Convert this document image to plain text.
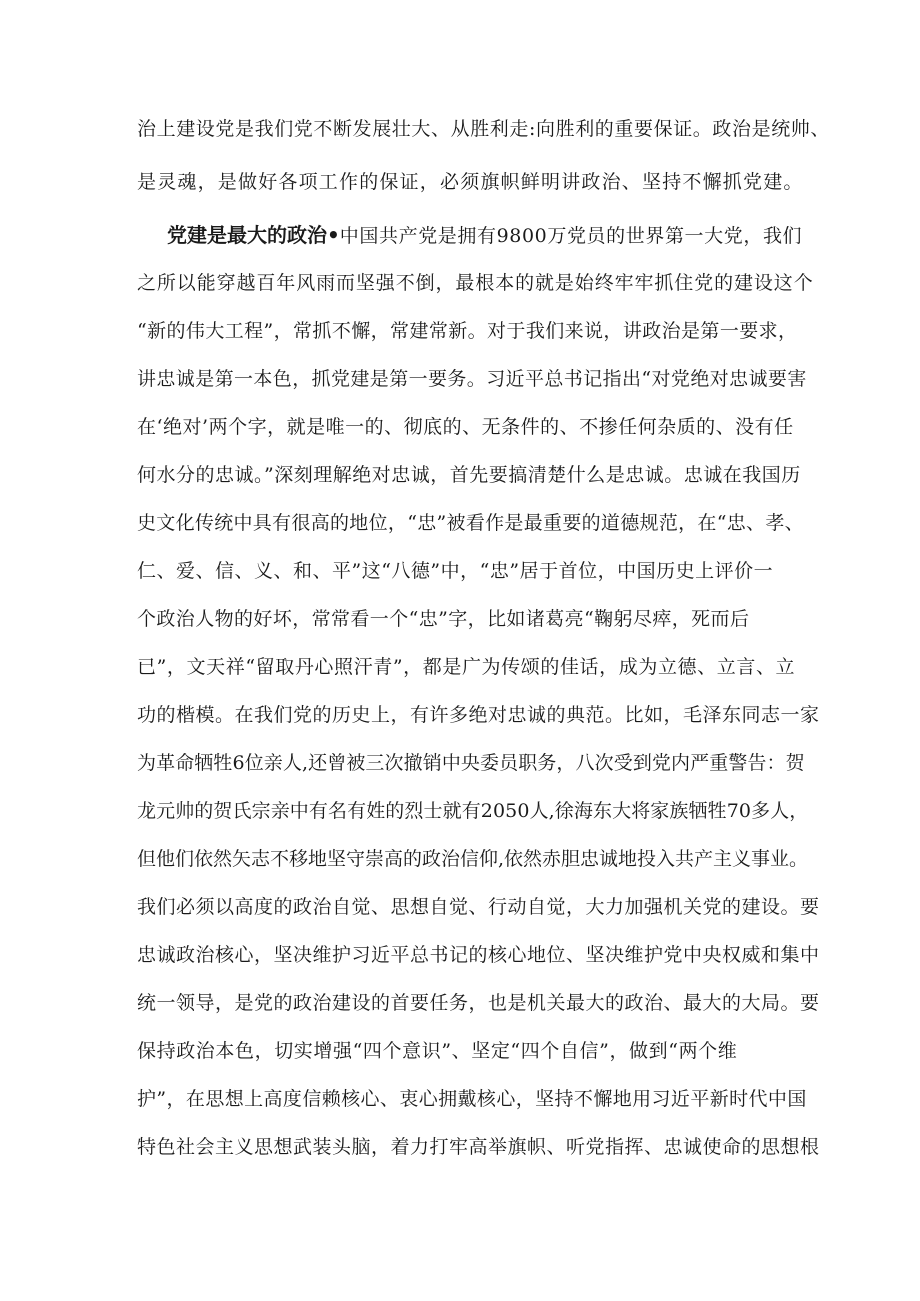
治上建设党是我们党不断发展壮大、从胜利走:向胜利的重要保证。政治是统帅、
是灵魂，是做好各项工作的保证，必须旗帜鲜明讲政治、坚持不懈抓党建。
党建是最大的政治•中国共产党是拥有9800万党员的世界第一大党，我们
之所以能穿越百年风雨而坚强不倒，最根本的就是始终牢牢抓住党的建设这个
“新的伟大工程”，常抓不懈，常建常新。对于我们来说，讲政治是第一要求，
讲忠诚是第一本色，抓党建是第一要务。习近平总书记指出“对党绝对忠诚要害
在‘绝对’两个字，就是唯一的、彻底的、无条件的、不掺任何杂质的、没有任
何水分的忠诚。”深刻理解绝对忠诚，首先要搞清楚什么是忠诚。忠诚在我国历
史文化传统中具有很高的地位，“忠”被看作是最重要的道德规范，在“忠、孝、
仁、爱、信、义、和、平”这“八德”中，“忠”居于首位，中国历史上评价一
个政治人物的好坏，常常看一个“忠”字，比如诸葛亮“鞠躬尽瘁，死而后
已”，文天祥“留取丹心照汗青”，都是广为传颂的佳话，成为立德、立言、立
功的楷模。在我们党的历史上，有许多绝对忠诚的典范。比如，毛泽东同志一家
为革命牺牲6位亲人,还曾被三次撤销中央委员职务，八次受到党内严重警告：贺
龙元帅的贺氏宗亲中有名有姓的烈士就有2050人,徐海东大将家族牺牲70多人，
但他们依然矢志不移地坚守崇高的政治信仰,依然赤胆忠诚地投入共产主义事业。
我们必须以高度的政治自觉、思想自觉、行动自觉，大力加强机关党的建设。要
忠诚政治核心，坚决维护习近平总书记的核心地位、坚决维护党中央权威和集中
统一领导，是党的政治建设的首要任务，也是机关最大的政治、最大的大局。要
保持政治本色，切实增强“四个意识”、坚定“四个自信”，做到“两个维
护”，在思想上高度信赖核心、衷心拥戴核心，坚持不懈地用习近平新时代中国
特色社会主义思想武装头脑，着力打牢高举旗帜、听党指挥、忠诚使命的思想根
